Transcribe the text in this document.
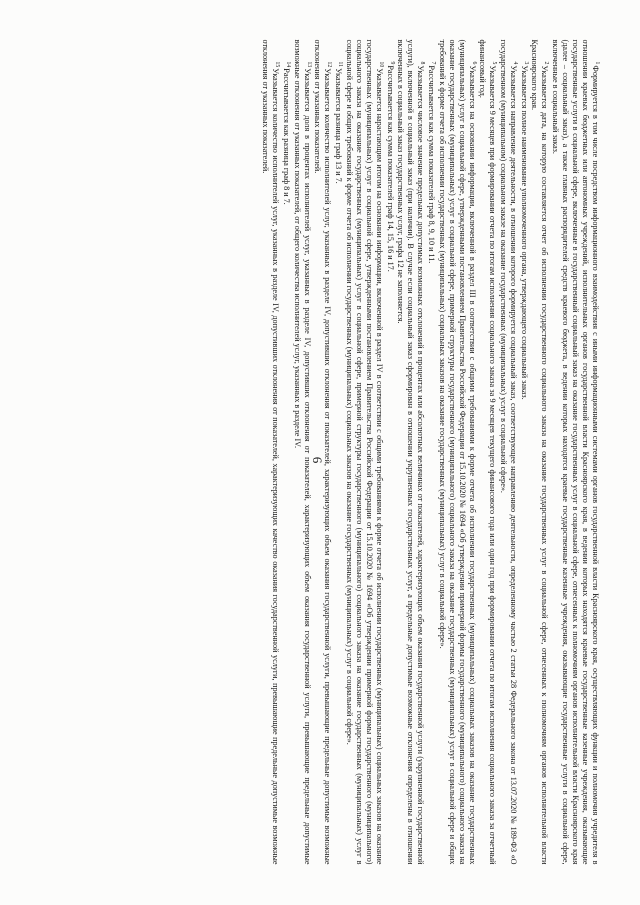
6

$^1$Формируется в том числе посредством информационного взаимодействия с иными информационными системами органов государственной власти Красноярского края, осуществляющих функции и полномочия учредителя в отношении краевых бюджетных или автономных учреждений, исполнительных органов государственной власти Красноярского края, в ведении которых находятся краевые государственные казенные учреждения, оказывающие государственные услуги в социальной сфере, включенные в государственный социальный заказ на оказание государственных услуг в социальной сфере, отнесенных к полномочиям органов исполнительной власти Красноярского края (далее – социальный заказ), а также главных распорядителей средств краевого бюджета, в ведении которых находятся краевые государственные казенные учреждения, оказывающие государственные услуги в социальной сфере, включенные в социальный заказ.

$^2$Указывается дата, на которую составляется отчет об исполнении государственного социального заказа на оказание государственных услуг в социальной сфере, отнесенных к полномочиям органов исполнительной власти Красноярского края.

$^3$Указывается полное наименование уполномоченного органа, утверждающего социальный заказ.

$^4$Указывается направление деятельности, в отношении которого формируется социальный заказ, соответствующее направлению деятельности, определенному частью 2 статьи 28 Федерального закона от 13.07.2020 № 189-ФЗ «О государственном (муниципальном) социальном заказе на оказание государственных (муниципальных) услуг в социальной сфере».

$^5$Указывается 9 месяцев при формировании отчета по итогам исполнения социального заказа за 9 месяцев текущего финансового года или один год при формировании отчета по итогам исполнения социального заказа за отчетный финансовый год.

$^6$Указывается на основании информации, включенной в раздел III в соответствии с общими требованиями к форме отчета об исполнении государственных (муниципальных) социальных заказов на оказание государственных (муниципальных) услуг в социальной сфере, утвержденными постановлением Правительства Российской Федерации от 15.10.2020 № 1694 «Об утверждении примерной формы государственного (муниципального) социального заказа на оказание государственных (муниципальных) услуг в социальной сфере, примерной структуры государственного (муниципального) социального заказа на оказание государственных (муниципальных) услуг в социальной сфере и общих требований к форме отчета об исполнении государственных (муниципальных) социальных заказов на оказание государственных (муниципальных) услуг в социальной сфере».

$^7$Рассчитывается как сумма показателей граф 8, 9, 10 и 11.

$^8$Указывается числовое значение предельных допустимых возможных отклонений в процентах или абсолютных величинах от показателей, характеризующих объем оказания государственной услуги (укрупненной государственной услуги), включенной в социальный заказ (при наличии). В случае если социальный заказ сформирован в отношении укрупненных государственных услуг, а предельные допустимые возможные отклонения определены в отношении включенных в социальный заказ государственных услуг, графа 12 не заполняется.

$^9$Рассчитывается как сумма показателей граф 14, 15, 16 и 17.

$^{10}$Указывается нарастающим итогом на основании информации, включенной в раздел IV в соответствии с общими требованиями к форме отчета об исполнении государственных (муниципальных) социальных заказов на оказание государственных (муниципальных) услуг в социальной сфере, утвержденными постановлением Правительства Российской Федерации от 15.10.2020 № 1694 «Об утверждении примерной формы государственного (муниципального) социального заказа на оказание государственных (муниципальных) услуг в социальной сфере, примерной структуры государственного (муниципального) социального заказа на оказание государственных (муниципальных) услуг в социальной сфере и общих требований к форме отчета об исполнении государственных (муниципальных) социальных заказов на оказание государственных (муниципальных) услуг в социальной сфере».

$^{11}$Указывается разница граф 13 и 7.

$^{12}$Указывается количество исполнителей услуг, указанных в разделе IV, допустивших отклонения от показателей, характеризующих объем оказания государственной услуги, превышающие предельные допустимые возможные отклонения от указанных показателей.

$^{13}$Указывается доля в процентах исполнителей услуг, указанных в разделе IV, допустивших отклонения от показателей, характеризующих объем оказания государственной услуги, превышающие предельные допустимые возможные отклонения от указанных показателей, от общего количества исполнителей услуг, указанных в разделе IV.

$^{14}$Рассчитывается как разница граф 8 и 7.

$^{15}$Указывается количество исполнителей услуг, указанных в разделе IV, допустивших отклонения от показателей, характеризующих качество оказания государственной услуги, превышающие предельные допустимые возможные отклонения от указанных показателей.
